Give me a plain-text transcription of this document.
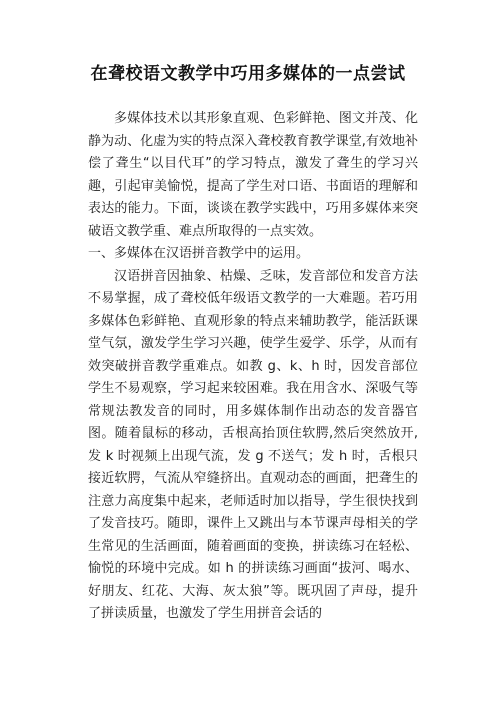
在聋校语文教学中巧用多媒体的一点尝试

多媒体技术以其形象直观、色彩鲜艳、图文并茂、化静为动、化虚为实的特点深入聋校教育教学课堂,有效地补偿了聋生“以目代耳”的学习特点，激发了聋生的学习兴趣，引起审美愉悦，提高了学生对口语、书面语的理解和表达的能力。下面，谈谈在教学实践中，巧用多媒体来突破语文教学重、难点所取得的一点实效。

一、多媒体在汉语拼音教学中的运用。

汉语拼音因抽象、枯燥、乏味，发音部位和发音方法不易掌握，成了聋校低年级语文教学的一大难题。若巧用多媒体色彩鲜艳、直观形象的特点来辅助教学，能活跃课堂气氛，激发学生学习兴趣，使学生爱学、乐学，从而有效突破拼音教学重难点。如教 g、k、h 时，因发音部位学生不易观察，学习起来较困难。我在用含水、深吸气等常规法教发音的同时，用多媒体制作出动态的发音器官图。随着鼠标的移动，舌根高抬顶住软腭,然后突然放开,发 k 时视频上出现气流，发 g 不送气；发 h 时，舌根只接近软腭，气流从窄缝挤出。直观动态的画面，把聋生的注意力高度集中起来，老师适时加以指导，学生很快找到了发音技巧。随即，课件上又跳出与本节课声母相关的学生常见的生活画面，随着画面的变换，拼读练习在轻松、愉悦的环境中完成。如 h 的拼读练习画面“拔河、喝水、好朋友、红花、大海、灰太狼”等。既巩固了声母，提升了拼读质量，也激发了学生用拼音会话的
